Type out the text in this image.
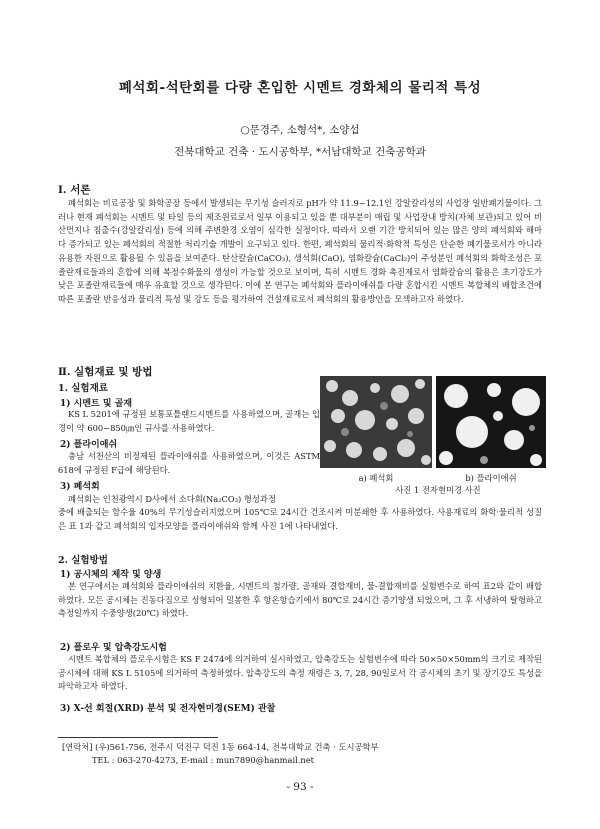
폐석회-석탄회를 다량 혼입한 시멘트 경화체의 물리적 특성
○문경주, 소형석*, 소양섭
전북대학교 건축 · 도시공학부, *서남대학교 건축공학과
Ⅰ. 서론
폐석회는 비료공장 및 화학공장 등에서 발생되는 무기성 슬러지로 pH가 약 11.9~12.1인 강알칼리성의 사업장 일반폐기물이다. 그러나 현재 폐석회는 시멘트 및 타일 등의 제조원료로서 일부 이용되고 있을 뿐 대부분이 매립 및 사업장내 방치(자체 보관)되고 있어 비산먼지나 침출수(강알칼리성) 등에 의해 주변환경 오염이 심각한 실정이다. 따라서 오랜 기간 방치되어 있는 많은 양의 폐석회와 해마다 증가되고 있는 폐석회의 적절한 처리기술 개발이 요구되고 있다. 한편, 폐석회의 물리적·화학적 특성은 단순한 폐기물로서가 아니라 유용한 자원으로 활용될 수 있음을 보여준다. 탄산칼슘(CaCO₃), 생석회(CaO), 염화칼슘(CaCl₂)이 주성분인 폐석회의 화학조성은 포졸란재료들과의 혼합에 의해 복정수화물의 생성이 가능할 것으로 보이며, 특히 시멘트 경화 촉진제로서 염화칼슘의 활용은 초기강도가 낮은 포졸란재료들에 매우 유효할 것으로 생각된다. 이에 본 연구는 폐석회와 플라이애쉬를 다량 혼합시킨 시멘트 복합체의 배합조건에 따른 포졸란 반응성과 물리적 특성 및 강도 등을 평가하여 건설재료로서 폐석회의 활용방안을 모색하고자 하였다.
Ⅱ. 실험재료 및 방법
1. 실험재료
1) 시멘트 및 골재
KS L 5201에 규정된 보통포틀랜드시멘트를 사용하였으며, 골재는 입경이 약 600~850㎛인 규사를 사용하였다.
2) 플라이애쉬
충남 서천산의 비정제된 플라이애쉬를 사용하였으며, 이것은 ASTM 618에 규정된 F급에 해당된다.
3) 폐석회
폐석회는 인천광역시 D사에서 소다회(Na₂CO₃) 형성과정
중에 배출되는 함수율 40%의 무기성슬러지였으며 105℃로 24시간 건조시켜 미분쇄한 후 사용하였다. 사용재료의 화학·물리적 성질은 표 1과 같고 폐석회의 입자모양을 플라이애쉬와 함께 사진 1에 나타내었다.
a) 폐석회	b) 플라이애쉬
사진 1 전자현미경 사진
2. 실험방법
1) 공시체의 제작 및 양생
본 연구에서는 폐석회와 플라이애쉬의 치환율, 시멘트의 첨가량, 골재와 결합재비, 물-결합재비를 실험변수로 하여 표2와 같이 배합하였다. 모든 공시체는 진동다짐으로 성형되어 밀봉한 후 항온항습기에서 80℃로 24시간 증기양생 되었으며, 그 후 서냉하여 탈형하고 측정일까지 수중양생(20℃) 하였다.
2) 플로우 및 압축강도시험
시멘트 복합체의 플로우시험은 KS F 2474에 의거하여 실시하였고, 압축강도는 실험변수에 따라 50×50×50mm의 크기로 제작된 공시체에 대해 KS L 5105에 의거하여 측정하였다. 압축강도의 측정 재령은 3, 7, 28, 90일로서 각 공시체의 초기 및 장기강도 특성을 파악하고자 하였다.
3) X-선 회절(XRD) 분석 및 전자현미경(SEM) 관찰
[연락처] (우)561-756, 전주시 덕진구 덕진 1동 664-14, 전북대학교 건축 · 도시공학부
TEL : 063-270-4273, E-mail : mun7890@hanmail.net
- 93 -
